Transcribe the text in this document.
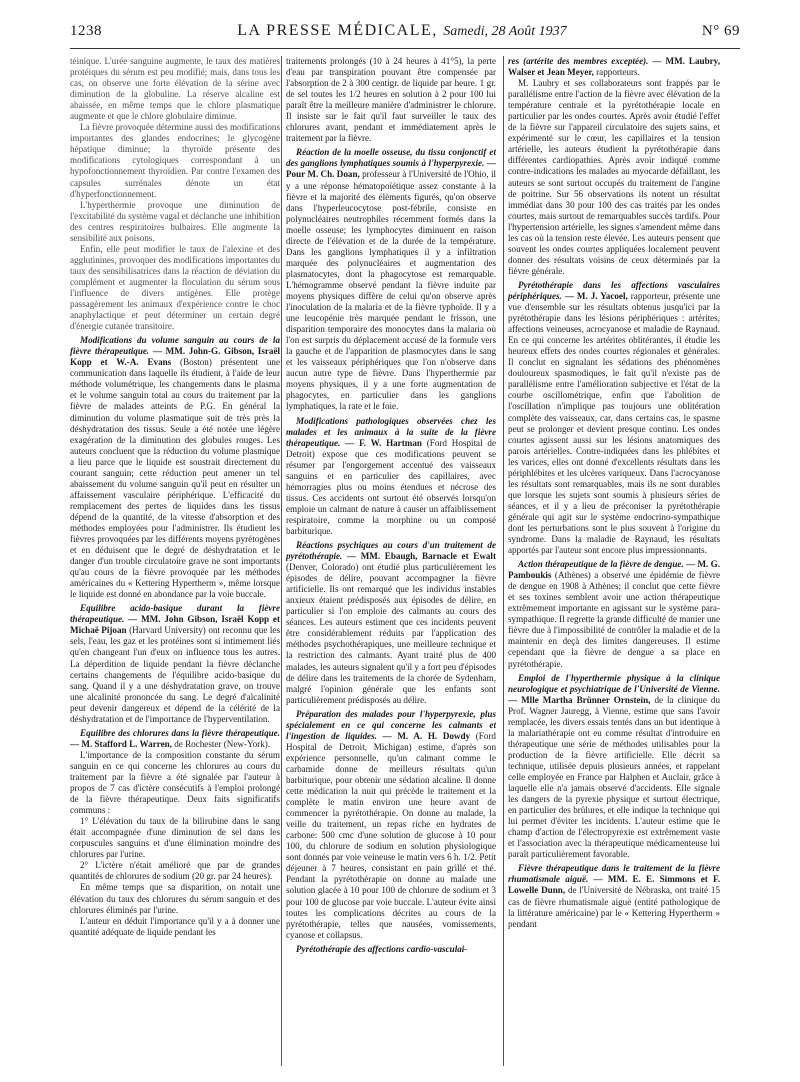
1238	LA PRESSE MÉDICALE, Samedi, 28 Août 1937	N° 69

téinique. L'urée sanguine augmente, le taux des matières protéiques du sérum est peu modifié; mais, dans tous les cas, on observe une forte élévation de la sérine avec diminution de la globuline. La réserve alcaline est abaissée, en même temps que le chlore plasmatique augmente et que le chlore globulaire diminue.

La fièvre provoquée détermine aussi des modifications importantes des glandes endocrines; le glycogène hépatique diminue; la thyroïde présente des modifications cytologiques correspondant à un hypofonctionnement thyroïdien. Par contre l'examen des capsules surrénales dénote un état d'hyperfonctionnement.

L'hyperthermie provoque une diminution de l'excitabilité du système vagal et déclanche une inhibition des centres respiratoires bulbaires. Elle augmente la sensibilité aux poisons.

Enfin, elle peut modifier le taux de l'alexine et des agglutinines, provoquer des modifications importantes du taux des sensibilisatrices dans la réaction de déviation du complément et augmenter la floculation du sérum sous l'influence de divers antigènes. Elle protège passagèrement les animaux d'expérience contre le choc anaphylactique et peut déterminer un certain degré d'énergie cutanée transitoire.

Modifications du volume sanguin au cours de la fièvre thérapeutique. — MM. John-G. Gibson, Israël Kopp et W.-A. Evans (Boston) présentent une communication dans laquelle ils étudient, à l'aide de leur méthode volumétrique, les changements dans le plasma et le volume sanguin total au cours du traitement par la fièvre de malades atteints de P.G. En général la diminution du volume plasmatique suit de très près la déshydratation des tissus. Seule a été notée une légère exagération de la diminution des globules rouges. Les auteurs concluent que la réduction du volume plasmique a lieu parce que le liquide est soustrait directement du courant sanguin; cette réduction peut amener un tel abaissement du volume sanguin qu'il peut en résulter un affaissement vasculaire périphérique. L'efficacité du remplacement des pertes de liquides dans les tissus dépend de la quantité, de la vitesse d'absorption et des méthodes employées pour l'administrer. Ils étudient les fièvres provoquées par les différents moyens pyrétogènes et en déduisent que le degré de déshydratation et le danger d'un trouble circulatoire grave ne sont importants qu'au cours de la fièvre provoquée par les méthodes américaines du « Kettering Hypertherm », même lorsque le liquide est donné en abondance par la voie buccale.

Equilibre acido-basique durant la fièvre thérapeutique. — MM. John Gibson, Israël Kopp et Michaë Pijoan (Harvard University) ont reconnu que les sels, l'eau, les gaz et les protéines sont si intimement liés qu'en changeant l'un d'eux on influence tous les autres. La déperdition de liquide pendant la fièvre déclanche certains changements de l'équilibre acido-basique du sang. Quand il y a une déshydratation grave, on trouve une alcalinité prononcée du sang. Le degré d'alcalinité peut devenir dangereux et dépend de la célérité de la déshydratation et de l'importance de l'hyperventilation.

Equilibre des chlorures dans la fièvre thérapeutique. — M. Stafford L. Warren, de Rochester (New-York).

L'importance de la composition constante du sérum sanguin en ce qui concerne les chlorures au cours du traitement par la fièvre a été signalée par l'auteur à propos de 7 cas d'ictère consécutifs à l'emploi prolongé de la fièvre thérapeutique. Deux faits significatifs communs :

1° L'élévation du taux de la bilirubine dans le sang était accompagnée d'une diminution de sel dans les corpuscules sanguins et d'une élimination moindre des chlorures par l'urine.

2° L'ictère n'était amélioré que par de grandes quantités de chlorures de sodium (20 gr. par 24 heures).

En même temps que sa disparition, on notait une élévation du taux des chlorures du sérum sanguin et des chlorures éliminés par l'urine.

L'auteur en déduit l'importance qu'il y a à donner une quantité adéquate de liquide pendant les

traitements prolongés (10 à 24 heures à 41°5), la perte d'eau par transpiration pouvant être compensée par l'absorption de 2 à 300 centigr. de liquide par heure. 1 gr. de sel toutes les 1/2 heures en solution à 2 pour 100 lui paraît être la meilleure manière d'administrer le chlorure. Il insiste sur le fait qu'il faut surveiller le taux des chlorures avant, pendant et immédiatement après le traitement par la fièvre.

Réaction de la moelle osseuse, du tissu conjonctif et des ganglions lymphatiques soumis à l'hyperpyrexie. — Pour M. Ch. Doan, professeur à l'Université de l'Ohio, il y a une réponse hématopoïétique assez constante à la fièvre et la majorité des éléments figurés, qu'on observe dans l'hyperleucocytose post-fébrile, consiste en polynucléaires neutrophiles récemment formés dans la moelle osseuse; les lymphocytes diminuent en raison directe de l'élévation et de la durée de la température. Dans les ganglions lymphatiques il y a infiltration marquée des polynucléaires et augmentation des plasmatocytes, dont la phagocytose est remarquable. L'hémogramme observé pendant la fièvre induite par moyens physiques diffère de celui qu'on observe après l'inoculation de la malaria et de la fièvre typhoïde. Il y a une leucopénie très marquée pendant le frisson, une disparition temporaire des monocytes dans la malaria où l'on est surpris du déplacement accusé de la formule vers la gauche et de l'apparition de plasmocytes dans le sang et les vaisseaux périphériques que l'on n'observe dans aucun autre type de fièvre. Dans l'hyperthermie par moyens physiques, il y a une forte augmentation de phagocytes, en particulier dans les ganglions lymphatiques, la rate et le foie.

Modifications pathologiques observées chez les malades et les animaux à la suite de la fièvre thérapeutique. — F. W. Hartman (Ford Hospital de Detroit) expose que ces modifications peuvent se résumer par l'engorgement accentué des vaisseaux sanguins et en particulier des capillaires, avec hémorragies plus ou moins étendues et nécrose des tissus. Ces accidents ont surtout été observés lorsqu'on emploie un calmant de nature à causer un affaiblissement respiratoire, comme la morphine ou un composé barbiturique.

Réactions psychiques au cours d'un traitement de pyrétothérapie. — MM. Ebaugh, Barnacle et Ewalt (Denver, Colorado) ont étudié plus particulièrement les épisodes de délire, pouvant accompagner la fièvre artificielle. Ils ont remarqué que les individus instables anxieux étaient prédisposés aux épisodes de délire, en particulier si l'on emploie des calmants au cours des séances. Les auteurs estiment que ces incidents peuvent être considérablement réduits par l'application des méthodes psychothérapiques, une meilleure technique et la restriction des calmants. Ayant traité plus de 400 malades, les auteurs signalent qu'il y a fort peu d'épisodes de délire dans les traitements de la chorée de Sydenham, malgré l'opinion générale que les enfants sont particulièrement prédisposés au délire.

Préparation des malades pour l'hyperpyrexie, plus spécialement en ce qui concerne les calmants et l'ingestion de liquides. — M. A. H. Dowdy (Ford Hospital de Detroit, Michigan) estime, d'après son expérience personnelle, qu'un calmant comme le carbamide donne de meilleurs résultats qu'un barbiturique, pour obtenir une sédation alcaline. Il donne cette médication la nuit qui précède le traitement et la complète le matin environ une heure avant de commencer la pyrétothérapie. On donne au malade, la veille du traitement, un repas riche en hydrates de carbone: 500 cmc d'une solution de glucose à 10 pour 100, du chlorure de sodium en solution physiologique sont donnés par voie veineuse le matin vers 6 h. 1/2. Petit déjeuner à 7 heures, consistant en pain grillé et thé. Pendant la pyrétothérapie on donne au malade une solution glacée à 10 pour 100 de chlorure de sodium et 3 pour 100 de glucose par voie buccale. L'auteur évite ainsi toutes les complications décrites au cours de la pyrétothérapie, telles que nausées, vomissements, cyanose et collapsus.

Pyrétothérapie des affections cardio-vasculai-

res (artérite des membres exceptée). — MM. Laubry, Walser et Jean Meyer, rapporteurs.

M. Laubry et ses collaborateurs sont frappés par le parallélisme entre l'action de la fièvre avec élévation de la température centrale et la pyrétothérapie locale en particulier par les ondes courtes. Après avoir étudié l'effet de la fièvre sur l'appareil circulatoire des sujets sains, et expérimenté sur le cœur, les capillaires et la tension artérielle, les auteurs étudient la pyrétothérapie dans différentes cardiopathies. Après avoir indiqué comme contre-indications les malades au myocarde défaillant, les auteurs se sont surtout occupés du traitement de l'angine de poitrine. Sur 56 observations ils notent un résultat immédiat dans 30 pour 100 des cas traités par les ondes courtes, mais surtout de remarquables succès tardifs. Pour l'hypertension artérielle, les signes s'amendent même dans les cas où la tension reste élevée. Les auteurs pensent que souvent les ondes courtes appliquées localement peuvent donner des résultats voisins de ceux déterminés par la fièvre générale.

Pyrétothérapie dans les affections vasculaires périphériques. — M. J. Yacoel, rapporteur, présente une vue d'ensemble sur les résultats obtenus jusqu'ici par la pyrétothérapie dans les lésions périphériques : artérites, affections veineuses, acrocyanose et maladie de Raynaud. En ce qui concerne les artérites oblitérantes, il étudie les heureux effets des ondes courtes régionales et générales. Il conclut en signalant les sédations des phénomènes douloureux spasmodiques, le fait qu'il n'existe pas de parallélisme entre l'amélioration subjective et l'état de la courbe oscillométrique, enfin que l'abolition de l'oscillation n'implique pas toujours une oblitération complète des vaisseaux, car, dans certains cas, le spasme peut se prolonger et devient presque continu. Les ondes courtes agissent aussi sur les lésions anatomiques des parois artérielles. Contre-indiquées dans les phlébites et les varices, elles ont donné d'excellents résultats dans les périphlébites et les ulcères variqueux. Dans l'acrocyanose les résultats sont remarquables, mais ils ne sont durables que lorsque les sujets sont soumis à plusieurs séries de séances, et il y a lieu de préconiser la pyrétothérapie générale qui agit sur le système endocrino-sympathique dont les perturbations sont le plus souvent à l'origine du syndrome. Dans la maladie de Raynaud, les résultats apportés par l'auteur sont encore plus impressionnants.

Action thérapeutique de la fièvre de dengue. — M. G. Pamboukis (Athènes) a observé une épidémie de fièvre de dengue en 1908 à Athènes; il conclut que cette fièvre et ses toxines semblent avoir une action thérapeutique extrêmement importante en agissant sur le système para-sympathique. Il regrette la grande difficulté de manier une fièvre due à l'impossibilité de contrôler la maladie et de la maintenir en deçà des limites dangereuses. Il estime cependant que la fièvre de dengue a sa place en pyrétothérapie.

Emploi de l'hyperthermie physique à la clinique neurologique et psychiatrique de l'Université de Vienne. — Mlle Martha Brünner Ornstein, de la clinique du Prof. Wagner Jauregg, à Vienne, estime que sans l'avoir remplacée, les divers essais tentés dans un but identique à la malariathérapie ont eu comme résultat d'introduire en thérapeutique une série de méthodes utilisables pour la production de la fièvre artificielle. Elle décrit sa technique, utilisée depuis plusieurs années, et rappelant celle employée en France par Halphen et Auclair, grâce à laquelle elle n'a jamais observé d'accidents. Elle signale les dangers de la pyrexie physique et surtout électrique, en particulier des brûlures, et elle indique la technique qui lui permet d'éviter les incidents. L'auteur estime que le champ d'action de l'électropyrexie est extrêmement vaste et l'association avec la thérapeutique médicamenteuse lui paraît particulièrement favorable.

Fièvre thérapeutique dans le traitement de la fièvre rhumatismale aiguë. — MM. E. E. Simmons et F. Lowelle Dunn, de l'Université de Nébraska, ont traité 15 cas de fièvre rhumatismale aiguë (entité pathologique de la littérature américaine) par le « Kettering Hypertherm » pendant
